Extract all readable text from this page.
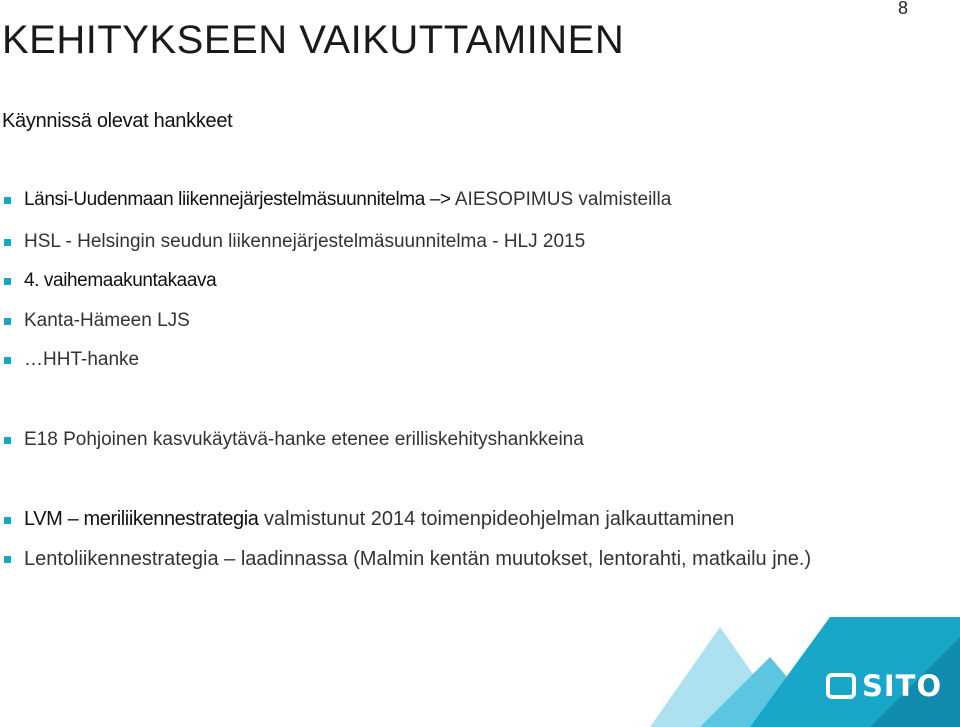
8
KEHITYKSEEN VAIKUTTAMINEN
Käynnissä olevat hankkeet
Länsi-Uudenmaan liikennejärjestelmäsuunnitelma –> AIESOPIMUS valmisteilla
HSL - Helsingin seudun liikennejärjestelmäsuunnitelma - HLJ 2015
4. vaihemaakuntakaava
Kanta-Hämeen LJS
…HHT-hanke
E18 Pohjoinen kasvukäytävä-hanke etenee erilliskehityshankkeina
LVM – meriliikennestrategia valmistunut 2014 toimenpideohjelman jalkauttaminen
Lentoliikennestrategia – laadinnassa (Malmin kentän muutokset, lentorahti, matkailu jne.)
SITO
